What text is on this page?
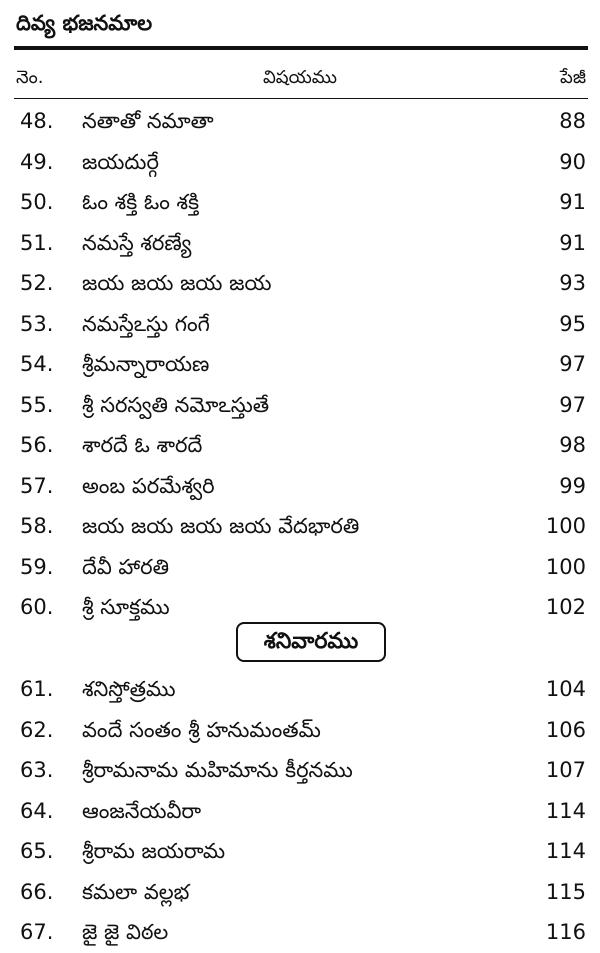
దివ్య భజనమాల
నెం.	విషయము	పేజీ
48.	నతాతో నమాతా	88
49.	జయదుర్గే	90
50.	ఓం శక్తి ఓం శక్తి	91
51.	నమస్తే శరణ్యే	91
52.	జయ జయ జయ జయ	93
53.	నమస్తేఽస్తు గంగే	95
54.	శ్రీమన్నారాయణ	97
55.	శ్రీ సరస్వతి నమోఽస్తుతే	97
56.	శారదే ఓ శారదే	98
57.	అంబ పరమేశ్వరి	99
58.	జయ జయ జయ జయ వేదభారతి	100
59.	దేవీ హారతి	100
60.	శ్రీ సూక్తము	102
శనివారము
61.	శనిస్తోత్రము	104
62.	వందే సంతం శ్రీ హనుమంతమ్	106
63.	శ్రీరామనామ మహిమాను కీర్తనము	107
64.	ఆంజనేయవీరా	114
65.	శ్రీరామ జయరామ	114
66.	కమలా వల్లభ	115
67.	జై జై విఠల	116
